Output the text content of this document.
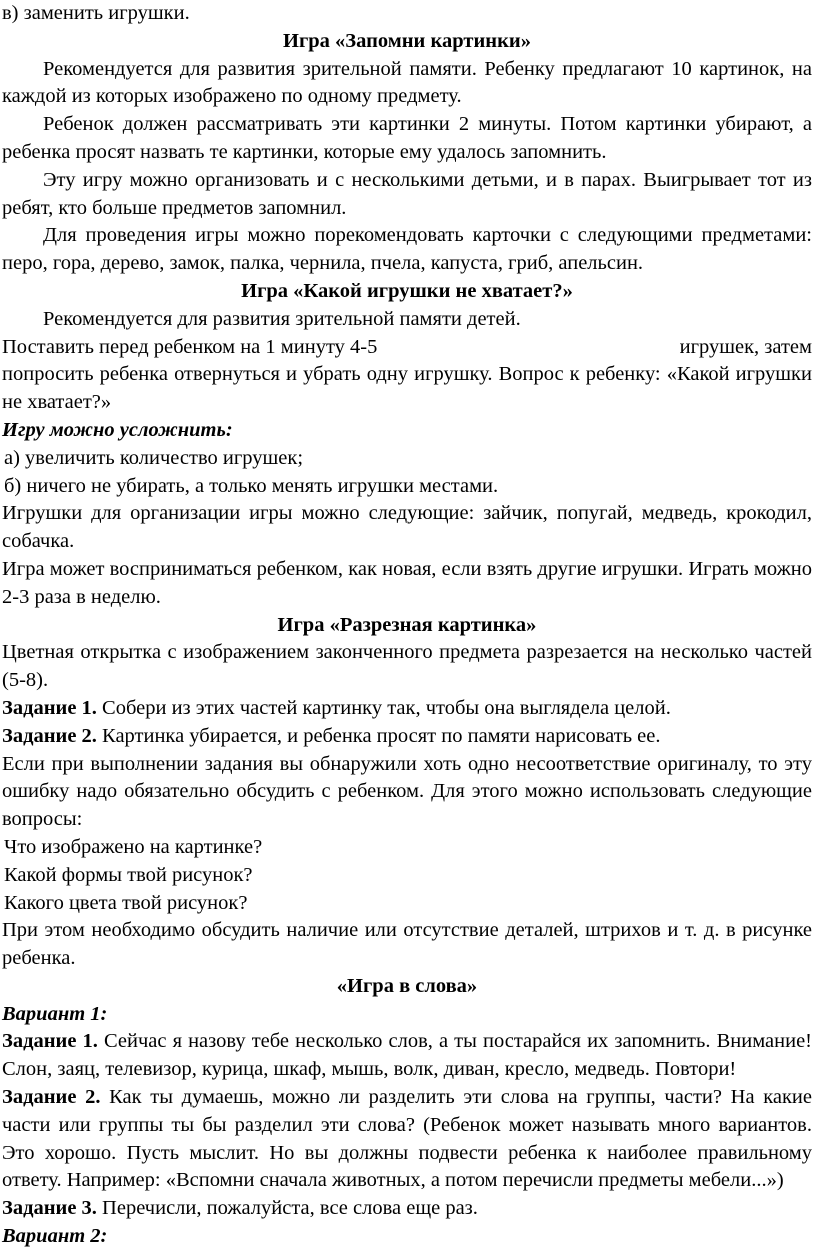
в) заменить игрушки.

Игра «Запомни картинки»

Рекомендуется для развития зрительной памяти. Ребенку предлагают 10 картинок, на каждой из которых изображено по одному предмету.

Ребенок должен рассматривать эти картинки 2 минуты. Потом картинки убирают, а ребенка просят назвать те картинки, которые ему удалось запомнить.

Эту игру можно организовать и с несколькими детьми, и в парах. Выигрывает тот из ребят, кто больше предметов запомнил.

Для проведения игры можно порекомендовать карточки с следующими предметами: перо, гора, дерево, замок, палка, чернила, пчела, капуста, гриб, апельсин.

Игра «Какой игрушки не хватает?»

Рекомендуется для развития зрительной памяти детей.

Поставить перед ребенком на 1 минуту 4-5	игрушек, затем

попросить ребенка отвернуться и убрать одну игрушку. Вопрос к ребенку: «Какой игрушки не хватает?»

Игру можно усложнить:

а) увеличить количество игрушек;

б) ничего не убирать, а только менять игрушки местами.

Игрушки для организации игры можно следующие: зайчик, попугай, медведь, крокодил, собачка.

Игра может восприниматься ребенком, как новая, если взять другие игрушки. Играть можно 2-3 раза в неделю.

Игра «Разрезная картинка»

Цветная открытка с изображением законченного предмета разрезается на несколько частей (5-8).

Задание 1. Собери из этих частей картинку так, чтобы она выглядела целой.

Задание 2. Картинка убирается, и ребенка просят по памяти нарисовать ее.

Если при выполнении задания вы обнаружили хоть одно несоответствие оригиналу, то эту ошибку надо обязательно обсудить с ребенком. Для этого можно использовать следующие вопросы:

Что изображено на картинке?

Какой формы твой рисунок?

Какого цвета твой рисунок?

При этом необходимо обсудить наличие или отсутствие деталей, штрихов и т. д. в рисунке ребенка.

«Игра в слова»

Вариант 1:

Задание 1. Сейчас я назову тебе несколько слов, а ты постарайся их запомнить. Внимание! Слон, заяц, телевизор, курица, шкаф, мышь, волк, диван, кресло, медведь. Повтори!

Задание 2. Как ты думаешь, можно ли разделить эти слова на группы, части? На какие части или группы ты бы разделил эти слова? (Ребенок может называть много вариантов. Это хорошо. Пусть мыслит. Но вы должны подвести ребенка к наиболее правильному ответу. Например: «Вспомни сначала животных, а потом перечисли предметы мебели...»)

Задание 3. Перечисли, пожалуйста, все слова еще раз.

Вариант 2:
